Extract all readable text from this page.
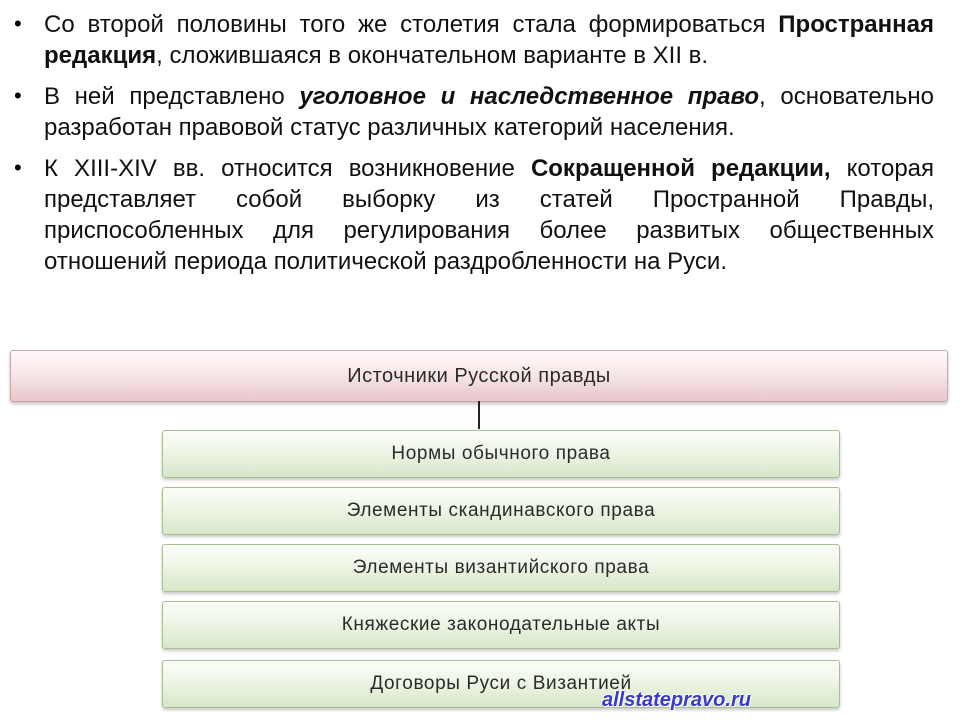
• Со второй половины того же столетия стала формироваться Пространная редакция, сложившаяся в окончательном варианте в XII в.
• В ней представлено уголовное и наследственное право, основательно разработан правовой статус различных категорий населения.
• К XIII-XIV вв. относится возникновение Сокращенной редакции, которая представляет собой выборку из статей Пространной Правды, приспособленных для регулирования более развитых общественных отношений периода политической раздробленности на Руси.
Источники Русской правды
Нормы обычного права
Элементы скандинавского права
Элементы византийского права
Княжеские законодательные акты
Договоры Руси с Византией
allstatepravo.ru
